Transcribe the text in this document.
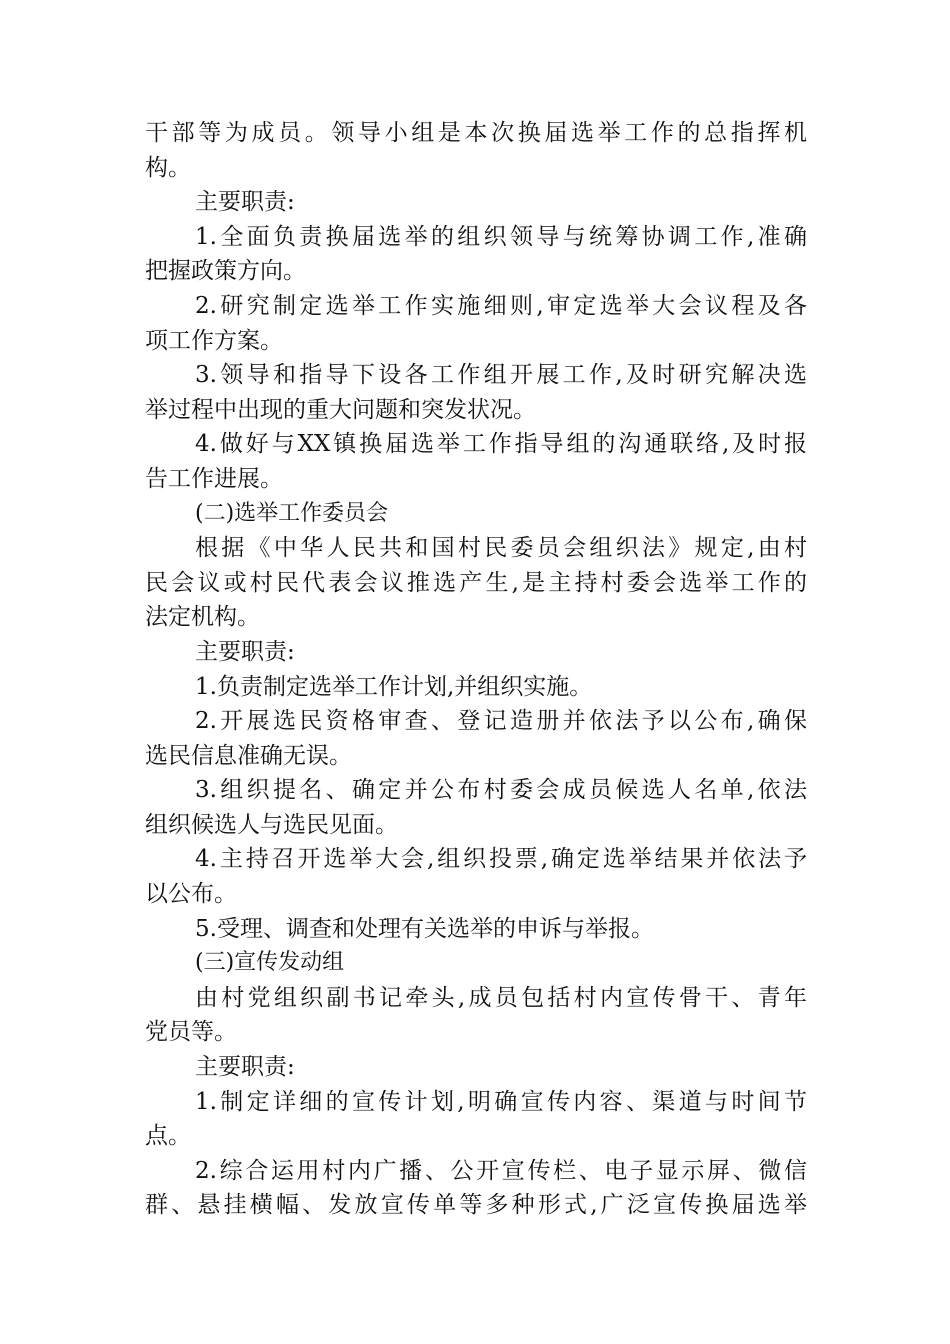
干部等为成员。领导小组是本次换届选举工作的总指挥机
构。
主要职责:
1.全面负责换届选举的组织领导与统筹协调工作,准确
把握政策方向。
2.研究制定选举工作实施细则,审定选举大会议程及各
项工作方案。
3.领导和指导下设各工作组开展工作,及时研究解决选
举过程中出现的重大问题和突发状况。
4.做好与XX镇换届选举工作指导组的沟通联络,及时报
告工作进展。
(二)选举工作委员会
根据《中华人民共和国村民委员会组织法》规定,由村
民会议或村民代表会议推选产生,是主持村委会选举工作的
法定机构。
主要职责:
1.负责制定选举工作计划,并组织实施。
2.开展选民资格审查、登记造册并依法予以公布,确保
选民信息准确无误。
3.组织提名、确定并公布村委会成员候选人名单,依法
组织候选人与选民见面。
4.主持召开选举大会,组织投票,确定选举结果并依法予
以公布。
5.受理、调查和处理有关选举的申诉与举报。
(三)宣传发动组
由村党组织副书记牵头,成员包括村内宣传骨干、青年
党员等。
主要职责:
1.制定详细的宣传计划,明确宣传内容、渠道与时间节
点。
2.综合运用村内广播、公开宣传栏、电子显示屏、微信
群、悬挂横幅、发放宣传单等多种形式,广泛宣传换届选举
